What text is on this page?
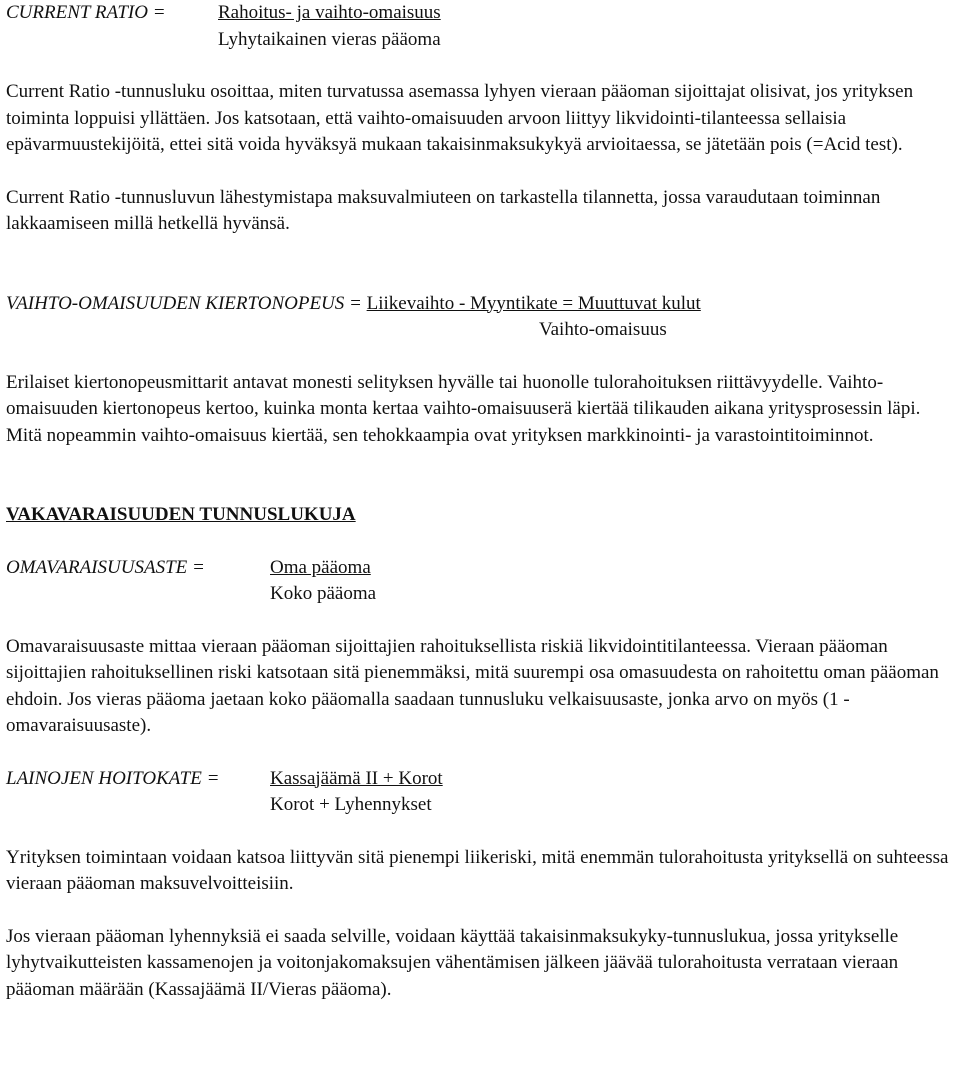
CURRENT RATIO =	Rahoitus- ja vaihto-omaisuus
Lyhytaikainen vieras pääoma

Current Ratio -tunnusluku osoittaa, miten turvatussa asemassa lyhyen vieraan pääoman sijoittajat olisivat, jos yrityksen toiminta loppuisi yllättäen. Jos katsotaan, että vaihto-omaisuuden arvoon liittyy likvidointi-tilanteessa sellaisia epävarmuustekijöitä, ettei sitä voida hyväksyä mukaan takaisinmaksukykyä arvioitaessa, se jätetään pois (=Acid test).

Current Ratio -tunnusluvun lähestymistapa maksuvalmiuteen on tarkastella tilannetta, jossa varaudutaan toiminnan lakkaamiseen millä hetkellä hyvänsä.

VAIHTO-OMAISUUDEN KIERTONOPEUS = Liikevaihto - Myyntikate = Muuttuvat kulut
Vaihto-omaisuus

Erilaiset kiertonopeusmittarit antavat monesti selityksen hyvälle tai huonolle tulorahoituksen riittävyydelle. Vaihto-omaisuuden kiertonopeus kertoo, kuinka monta kertaa vaihto-omaisuuserä kiertää tilikauden aikana yritysprosessin läpi. Mitä nopeammin vaihto-omaisuus kiertää, sen tehokkaampia ovat yrityksen markkinointi- ja varastointitoiminnot.

VAKAVARAISUUDEN TUNNUSLUKUJA

OMAVARAISUUSASTE =	Oma pääoma
Koko pääoma

Omavaraisuusaste mittaa vieraan pääoman sijoittajien rahoituksellista riskiä likvidointitilanteessa. Vieraan pääoman sijoittajien rahoituksellinen riski katsotaan sitä pienemmäksi, mitä suurempi osa omasuudesta on rahoitettu oman pääoman ehdoin. Jos vieras pääoma jaetaan koko pääomalla saadaan tunnusluku velkaisuusaste, jonka arvo on myös (1 - omavaraisuusaste).

LAINOJEN HOITOKATE =	Kassajäämä II + Korot
Korot + Lyhennykset

Yrityksen toimintaan voidaan katsoa liittyvän sitä pienempi liikeriski, mitä enemmän tulorahoitusta yrityksellä on suhteessa vieraan pääoman maksuvelvoitteisiin.

Jos vieraan pääoman lyhennyksiä ei saada selville, voidaan käyttää takaisinmaksukyky-tunnuslukua, jossa yritykselle lyhytvaikutteisten kassamenojen ja voitonjakomaksujen vähentämisen jälkeen jäävää tulorahoitusta verrataan vieraan pääoman määrään (Kassajäämä II/Vieras pääoma).
